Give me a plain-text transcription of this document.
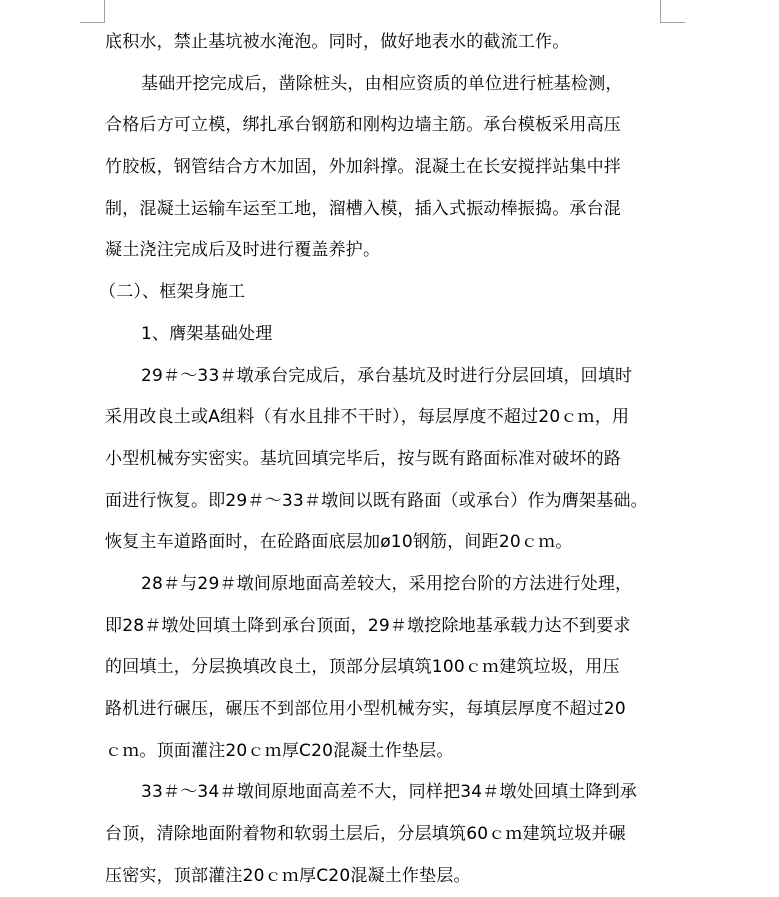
底积水，禁止基坑被水淹泡。同时，做好地表水的截流工作。
基础开挖完成后，凿除桩头，由相应资质的单位进行桩基检测，
合格后方可立模，绑扎承台钢筋和刚构边墙主筋。承台模板采用高压
竹胶板，钢管结合方木加固，外加斜撑。混凝土在长安搅拌站集中拌
制，混凝土运输车运至工地，溜槽入模，插入式振动棒振捣。承台混
凝土浇注完成后及时进行覆盖养护。
（二）、框架身施工
1、膺架基础处理
29＃～33＃墩承台完成后，承台基坑及时进行分层回填，回填时
采用改良土或A组料（有水且排不干时），每层厚度不超过20ｃｍ，用
小型机械夯实密实。基坑回填完毕后，按与既有路面标准对破坏的路
面进行恢复。即29＃～33＃墩间以既有路面（或承台）作为膺架基础。
恢复主车道路面时，在砼路面底层加ø10钢筋，间距20ｃｍ。
28＃与29＃墩间原地面高差较大，采用挖台阶的方法进行处理，
即28＃墩处回填土降到承台顶面，29＃墩挖除地基承载力达不到要求
的回填土，分层换填改良土，顶部分层填筑100ｃｍ建筑垃圾，用压
路机进行碾压，碾压不到部位用小型机械夯实，每填层厚度不超过20
ｃｍ。顶面灌注20ｃｍ厚C20混凝土作垫层。
33＃～34＃墩间原地面高差不大，同样把34＃墩处回填土降到承
台顶，清除地面附着物和软弱土层后，分层填筑60ｃｍ建筑垃圾并碾
压密实，顶部灌注20ｃｍ厚C20混凝土作垫层。
